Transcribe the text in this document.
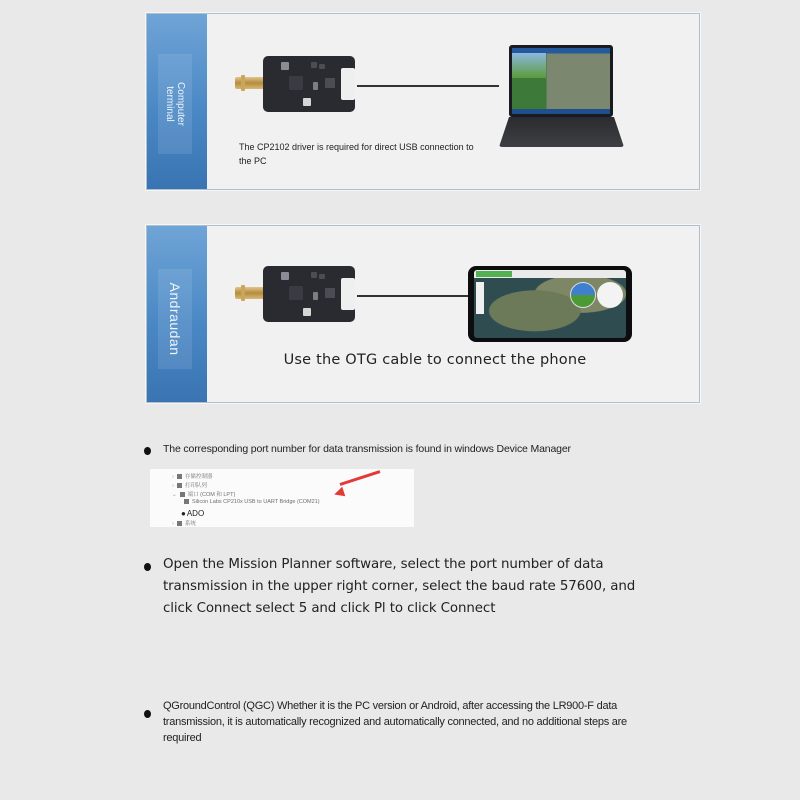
Computer
terminal
The CP2102 driver is required for direct USB connection to the PC
Andraudan
Use the OTG cable to connect the phone
The corresponding port number for data transmission is found in windows Device Manager
› 存储控制器
› 打印队列
⌄ 端口 (COM 和 LPT)
Silicon Labs CP210x USB to UART Bridge (COM21)
● ADO
› 系统
Open the Mission Planner software, select the port number of data transmission in the upper right corner, select the baud rate 57600, and click Connect select 5 and click Pl to click Connect
QGroundControl (QGC) Whether it is the PC version or Android, after accessing the LR900-F data transmission, it is automatically recognized and automatically connected, and no additional steps are required
